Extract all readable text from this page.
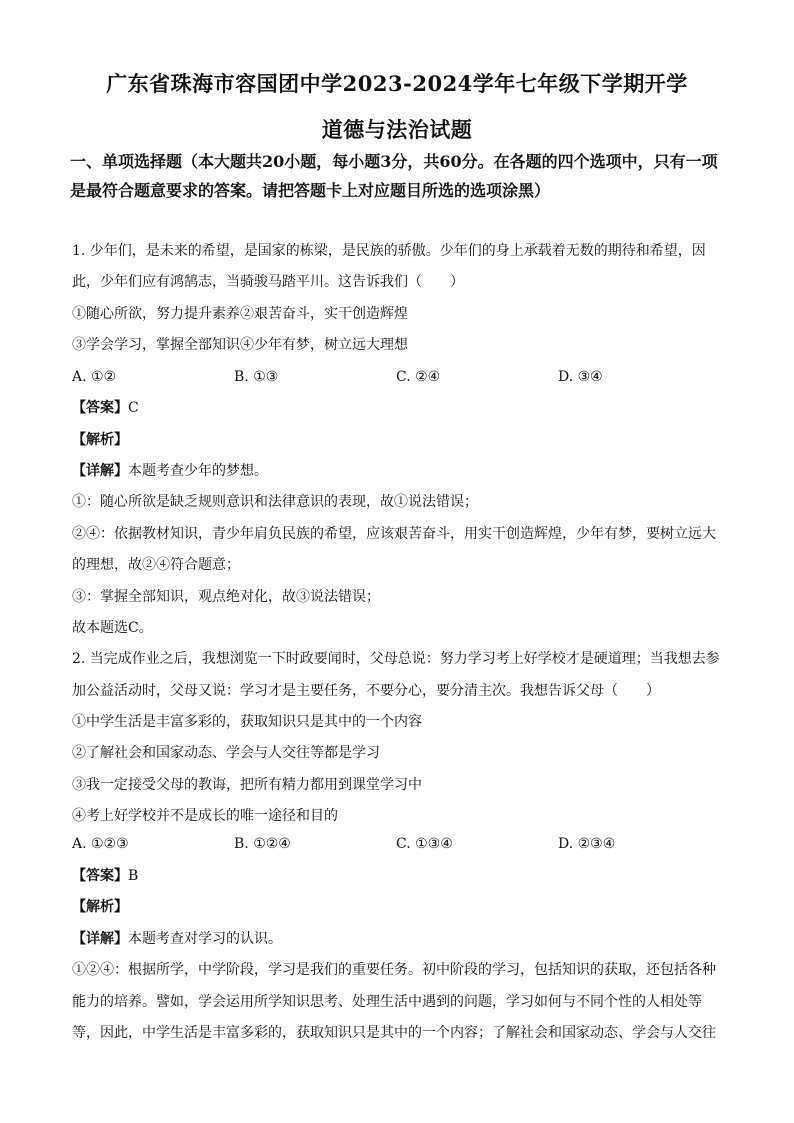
广东省珠海市容国团中学2023-2024学年七年级下学期开学
道德与法治试题
一、单项选择题（本大题共20小题，每小题3分，共60分。在各题的四个选项中，只有一项是最符合题意要求的答案。请把答题卡上对应题目所选的选项涂黑）
1. 少年们，是未来的希望，是国家的栋梁，是民族的骄傲。少年们的身上承载着无数的期待和希望，因
此，少年们应有鸿鹄志，当骑骏马踏平川。这告诉我们（　　）
①随心所欲，努力提升素养②艰苦奋斗，实干创造辉煌
③学会学习，掌握全部知识④少年有梦，树立远大理想
A. ①②	B. ①③	C. ②④	D. ③④
【答案】C
【解析】
【详解】本题考查少年的梦想。
①：随心所欲是缺乏规则意识和法律意识的表现，故①说法错误；
②④：依据教材知识，青少年肩负民族的希望，应该艰苦奋斗，用实干创造辉煌，少年有梦，要树立远大
的理想，故②④符合题意；
③：掌握全部知识，观点绝对化，故③说法错误；
故本题选C。
2. 当完成作业之后，我想浏览一下时政要闻时，父母总说：努力学习考上好学校才是硬道理；当我想去参
加公益活动时，父母又说：学习才是主要任务，不要分心，要分清主次。我想告诉父母（　　）
①中学生活是丰富多彩的，获取知识只是其中的一个内容
②了解社会和国家动态、学会与人交往等都是学习
③我一定接受父母的教诲，把所有精力都用到课堂学习中
④考上好学校并不是成长的唯一途径和目的
A. ①②③	B. ①②④	C. ①③④	D. ②③④
【答案】B
【解析】
【详解】本题考查对学习的认识。
①②④：根据所学，中学阶段，学习是我们的重要任务。初中阶段的学习，包括知识的获取，还包括各种
能力的培养。譬如，学会运用所学知识思考、处理生活中遇到的问题，学习如何与不同个性的人相处等
等，因此，中学生活是丰富多彩的，获取知识只是其中的一个内容；了解社会和国家动态、学会与人交往
